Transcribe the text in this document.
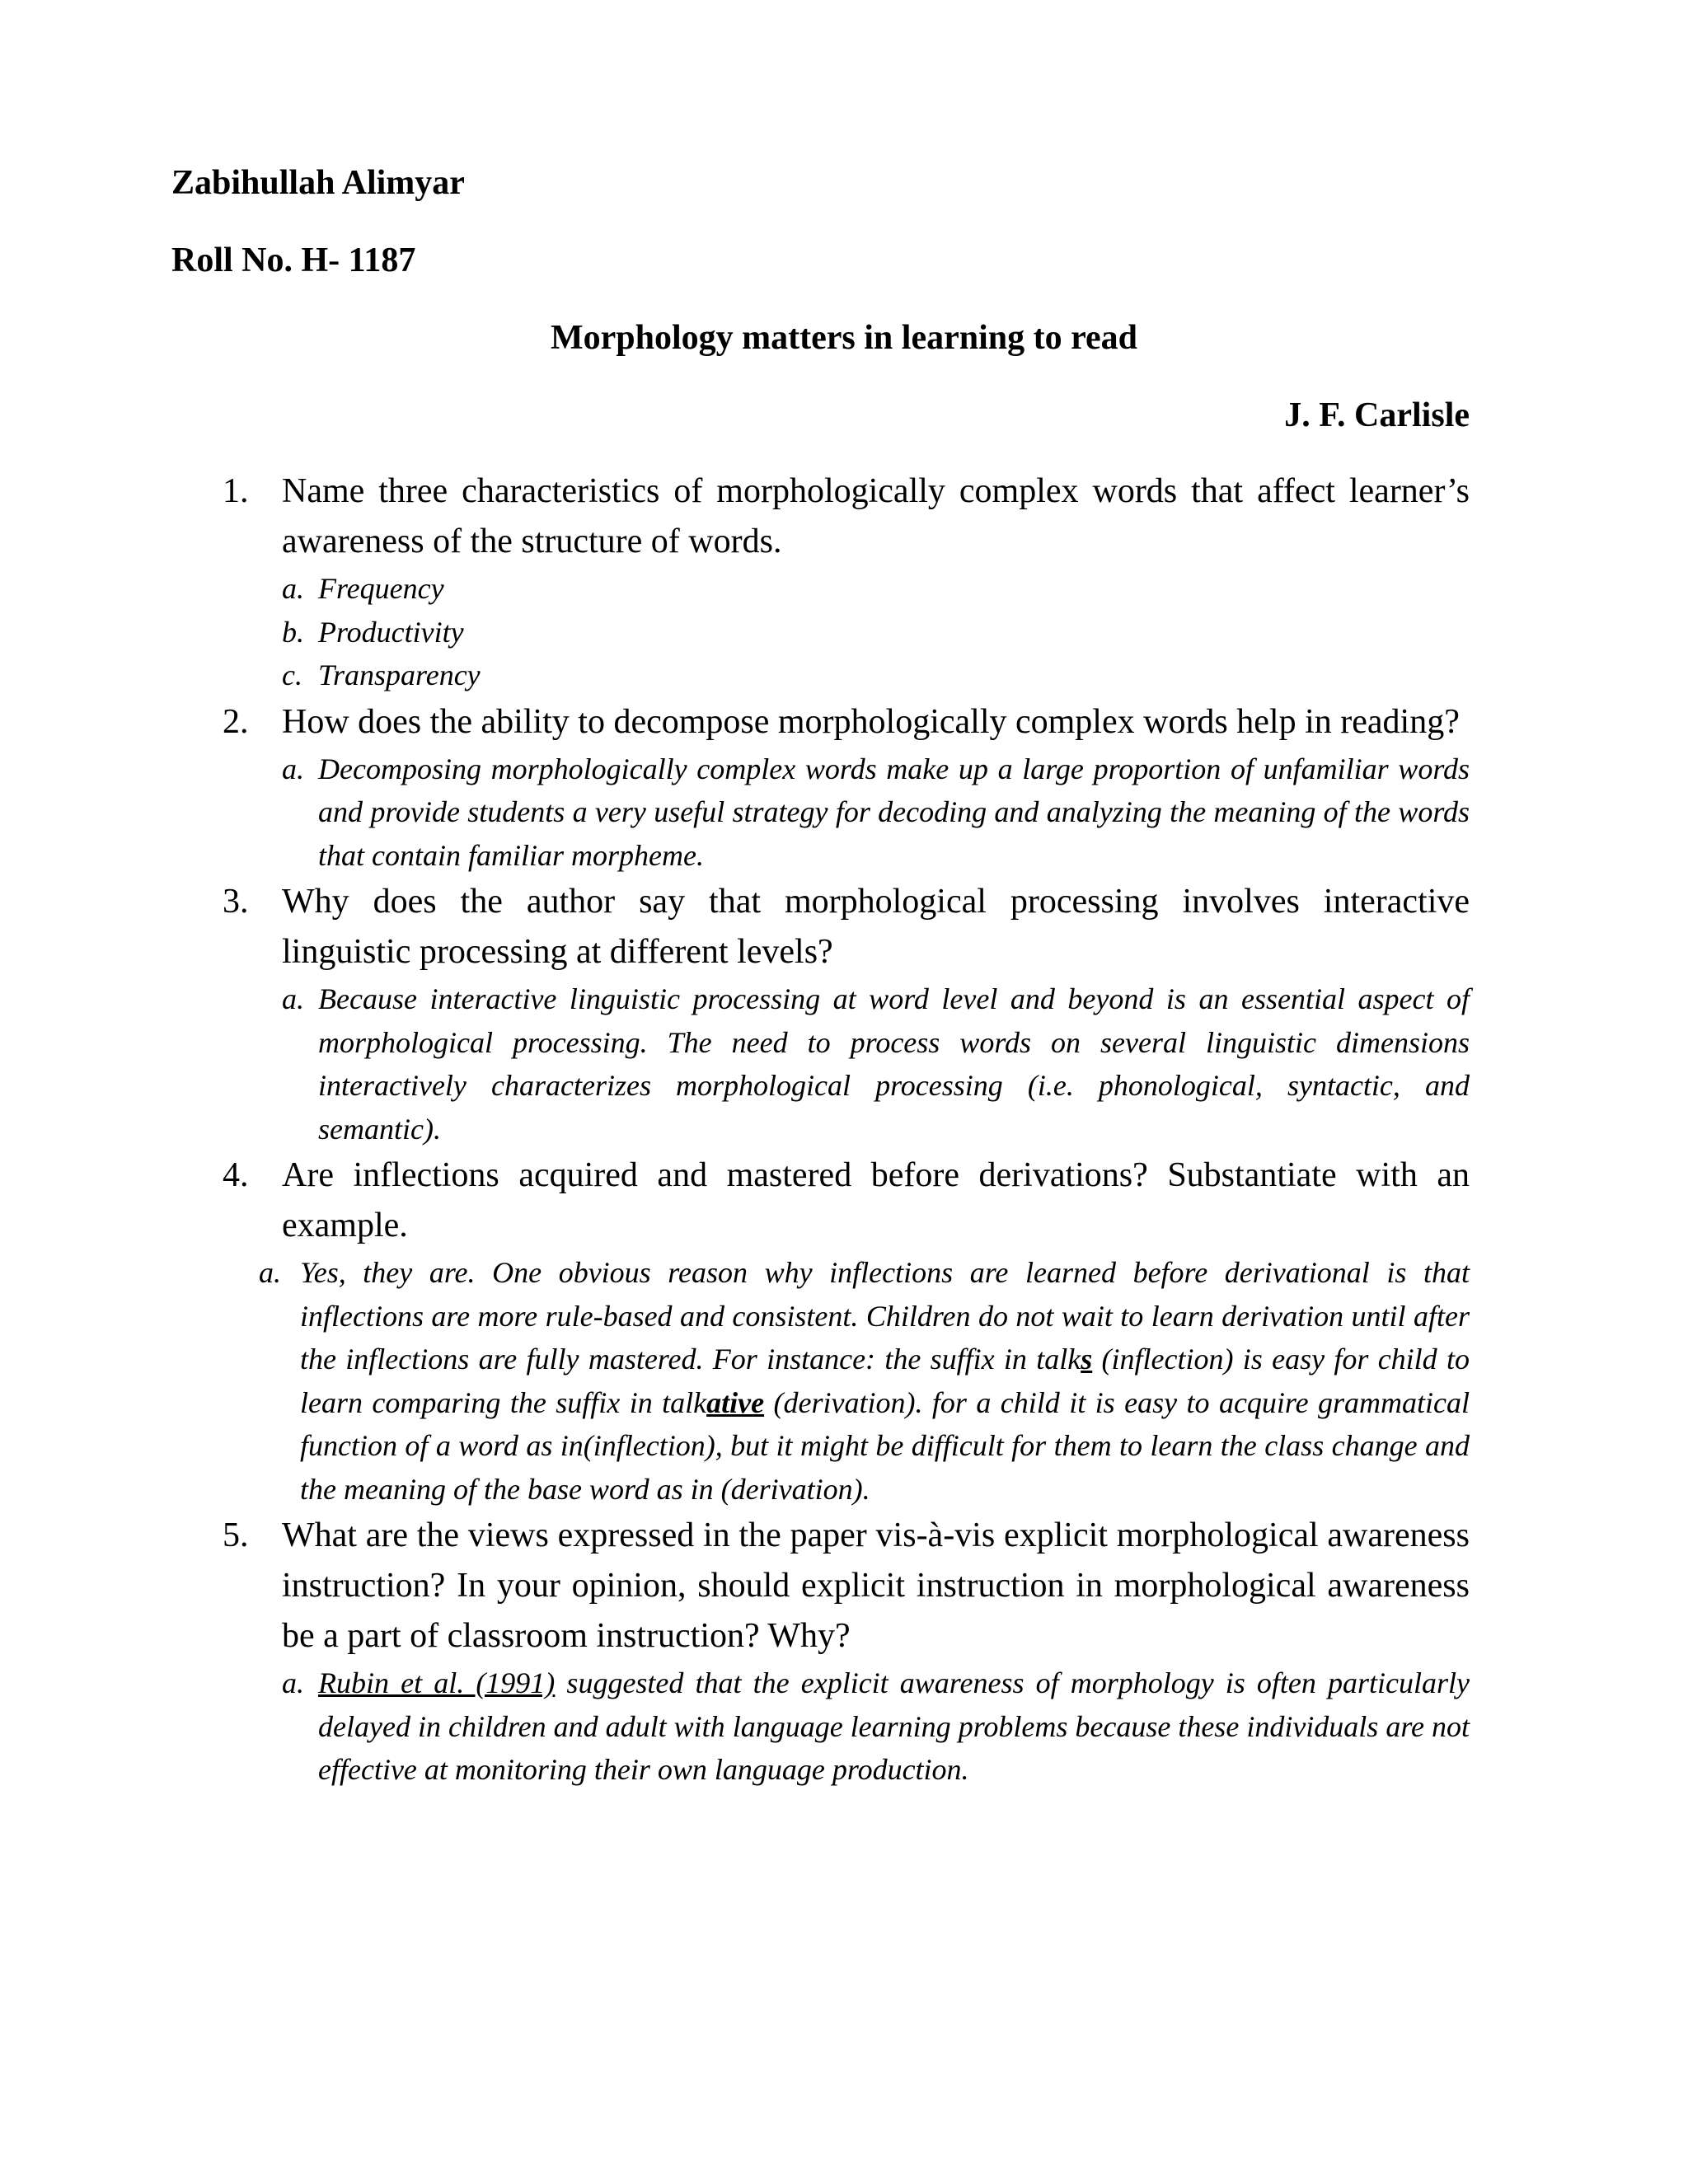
Zabihullah Alimyar

Roll No. H- 1187

Morphology matters in learning to read

J. F. Carlisle

1. Name three characteristics of morphologically complex words that affect learner’s awareness of the structure of words.

a. Frequency
b. Productivity
c. Transparency
2. How does the ability to decompose morphologically complex words help in reading?

a. Decomposing morphologically complex words make up a large proportion of unfamiliar words and provide students a very useful strategy for decoding and analyzing the meaning of the words that contain familiar morpheme.
3. Why does the author say that morphological processing involves interactive linguistic processing at different levels?

a. Because interactive linguistic processing at word level and beyond is an essential aspect of morphological processing. The need to process words on several linguistic dimensions interactively characterizes morphological processing (i.e. phonological, syntactic, and semantic).
4. Are inflections acquired and mastered before derivations? Substantiate with an example.

a. Yes, they are. One obvious reason why inflections are learned before derivational is that inflections are more rule-based and consistent. Children do not wait to learn derivation until after the inflections are fully mastered. For instance: the suffix in talks (inflection) is easy for child to learn comparing the suffix in talkative (derivation). for a child it is easy to acquire grammatical function of a word as in(inflection), but it might be difficult for them to learn the class change and the meaning of the base word as in (derivation).
5. What are the views expressed in the paper vis-à-vis explicit morphological awareness instruction? In your opinion, should explicit instruction in morphological awareness be a part of classroom instruction? Why?

a. Rubin et al. (1991) suggested that the explicit awareness of morphology is often particularly delayed in children and adult with language learning problems because these individuals are not effective at monitoring their own language production.
